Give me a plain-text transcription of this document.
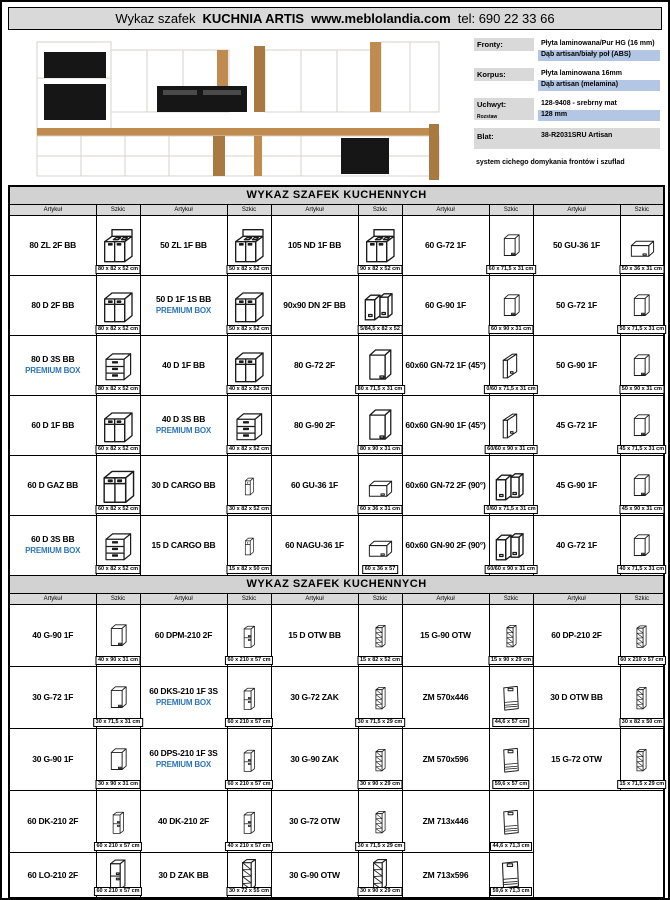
Wykaz szafek KUCHNIA ARTIS www.meblolandia.com tel: 690 22 33 66
Fronty:	Płyta laminowana/Pur HG (16 mm)
Dąb artisan/biały poł (ABS)
Korpus:	Płyta laminowana 16mm
Dąb artisan (melamina)
Uchwyt:
Rozstaw
128-9408 - srebrny mat
128 mm
Blat:	38-R2031SRU Artisan
system cichego domykania frontów i szuflad
WYKAZ SZAFEK KUCHENNYCH									
Artykuł	Szkic	Artykuł	Szkic	Artykuł	Szkic	Artykuł	Szkic	Artykuł	Szkic

80 ZL 2F BB	80 x 82 x 52 cm	50 ZL 1F BB	50 x 82 x 52 cm	105 ND 1F BB	90 x 82 x 52 cm	60 G-72 1F	60 x 71,5 x 31 cm	50 GU-36 1F	50 x 36 x 31 cm

80 D 2F BB	80 x 82 x 52 cm	50 D 1F 1S BB
PREMIUM BOX	50 x 82 x 52 cm	90x90 DN 2F BB	5/84,5 x 82 x 52	60 G-90 1F	60 x 90 x 31 cm	50 G-72 1F	50 x 71,5 x 31 cm

80 D 3S BB
PREMIUM BOX	80 x 82 x 52 cm	40 D 1F BB	40 x 82 x 52 cm	80 G-72 2F	80 x 71,5 x 31 cm	60x60 GN-72 1F (45°)	0/60 x 71,5 x 31 cm	50 G-90 1F	50 x 90 x 31 cm

60 D 1F BB	60 x 82 x 52 cm	40 D 3S BB
PREMIUM BOX	40 x 82 x 52 cm	80 G-90 2F	80 x 90 x 31 cm	60x60 GN-90 1F (45°)	60/60 x 90 x 31 cm	45 G-72 1F	45 x 71,5 x 31 cm

60 D GAZ BB	60 x 82 x 52 cm	30 D CARGO BB	30 x 82 x 52 cm	60 GU-36 1F	60 x 36 x 31 cm	60x60 GN-72 2F (90°)	0/60 x 71,5 x 31 cm	45 G-90 1F	45 x 90 x 31 cm

60 D 3S BB
PREMIUM BOX	60 x 82 x 52 cm	15 D CARGO BB	15 x 82 x 50 cm	60 NAGU-36 1F	60 x 36 x 57	60x60 GN-90 2F (90°)	60/60 x 90 x 31 cm	40 G-72 1F	40 x 71,5 x 31 cm

WYKAZ SZAFEK KUCHENNYCH									
Artykuł	Szkic	Artykuł	Szkic	Artykuł	Szkic	Artykuł	Szkic	Artykuł	Szkic

40 G-90 1F	40 x 90 x 31 cm	60 DPM-210 2F	60 x 210 x 57 cm	15 D OTW BB	15 x 82 x 52 cm	15 G-90 OTW	15 x 90 x 29 cm	60 DP-210 2F	60 x 210 x 57 cm

30 G-72 1F	30 x 71,5 x 31 cm	60 DKS-210 1F 3S
PREMIUM BOX	60 x 210 x 57 cm	30 G-72 ZAK	30 x 71,5 x 29 cm	ZM 570x446	44,6 x 57 cm	30 D OTW BB	30 x 82 x 50 cm

30 G-90 1F	30 x 90 x 31 cm	60 DPS-210 1F 3S
PREMIUM BOX	60 x 210 x 57 cm	30 G-90 ZAK	30 x 90 x 29 cm	ZM 570x596	59,6 x 57 cm	15 G-72 OTW	15 x 71,5 x 29 cm

60 DK-210 2F	60 x 210 x 57 cm	40 DK-210 2F	40 x 210 x 57 cm	30 G-72 OTW	30 x 71,5 x 29 cm	ZM 713x446	44,6 x 71,3 cm		

60 LO-210 2F	60 x 210 x 57 cm	30 D ZAK BB	30 x 72 x 55 cm	30 G-90 OTW	30 x 90 x 29 cm	ZM 713x596	59,6 x 71,3 cm		
